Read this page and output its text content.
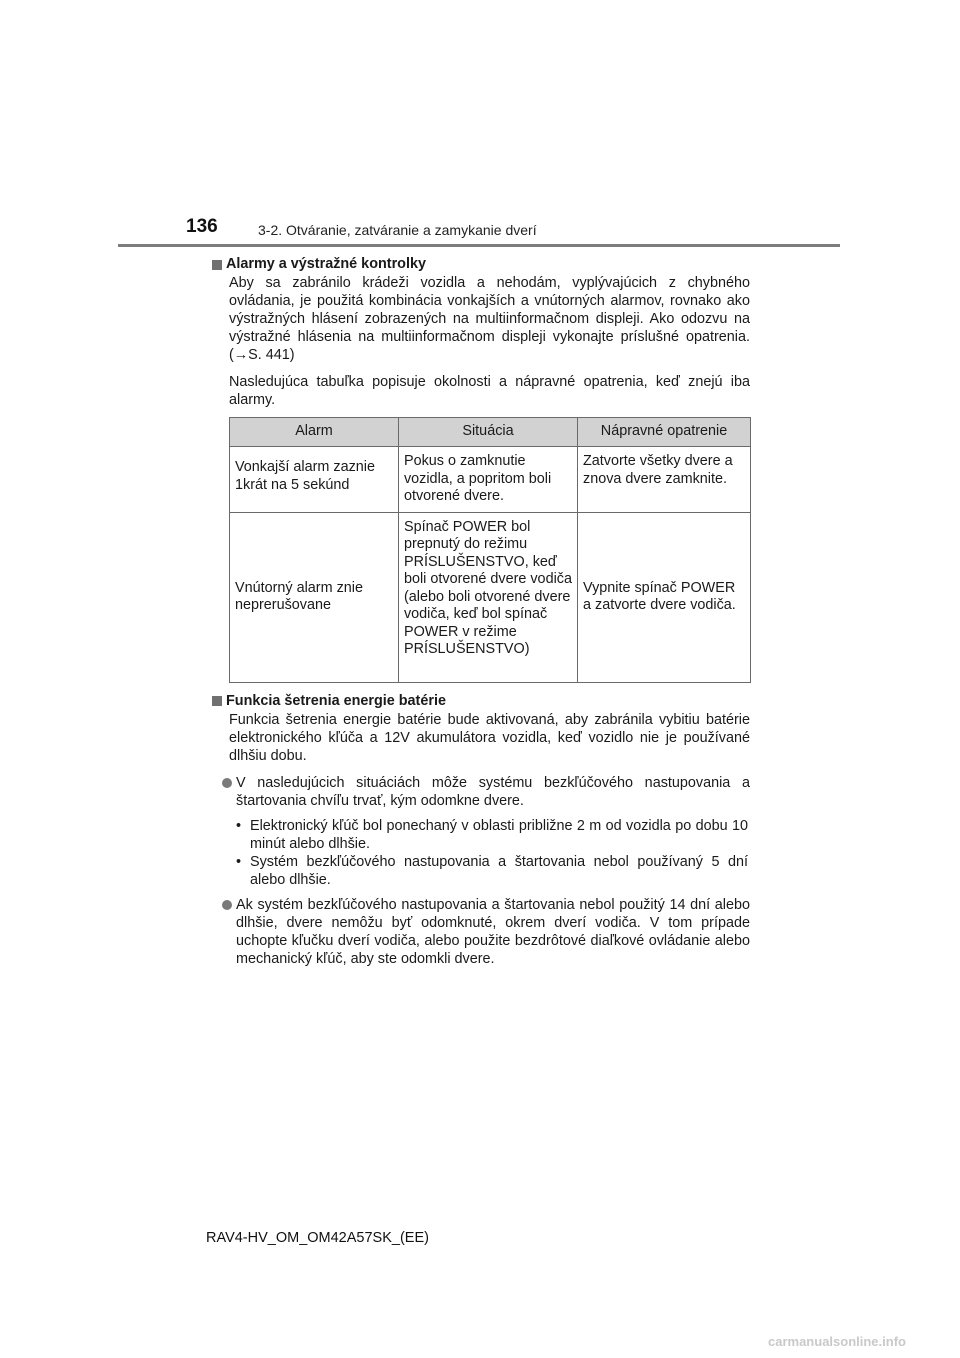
136	3-2. Otváranie, zatváranie a zamykanie dverí

Alarmy a výstražné kontrolky

Aby sa zabránilo krádeži vozidla a nehodám, vyplývajúcich z chybného ovládania, je použitá kombinácia vonkajších a vnútorných alarmov, rovnako ako výstražných hlásení zobrazených na multiinformačnom displeji. Ako odozvu na výstražné hlásenia na multiinformačnom displeji vykonajte príslušné opatrenia. (→S. 441)

Nasledujúca tabuľka popisuje okolnosti a nápravné opatrenia, keď znejú iba alarmy.

Alarm	Situácia	Nápravné opatrenie
Vonkajší alarm zaznie 1krát na 5 sekúnd	Pokus o zamknutie vozidla, a popritom boli otvorené dvere.	Zatvorte všetky dvere a znova dvere zamknite.
Vnútorný alarm znie neprerušovane	Spínač POWER bol prepnutý do režimu PRÍSLUŠENSTVO, keď boli otvorené dvere vodiča (alebo boli otvorené dvere vodiča, keď bol spínač POWER v režime PRÍSLUŠENSTVO)	Vypnite spínač POWER a zatvorte dvere vodiča.

Funkcia šetrenia energie batérie

Funkcia šetrenia energie batérie bude aktivovaná, aby zabránila vybitiu batérie elektronického kľúča a 12V akumulátora vozidla, keď vozidlo nie je používané dlhšiu dobu.

V nasledujúcich situáciách môže systému bezkľúčového nastupovania a štartovania chvíľu trvať, kým odomkne dvere.
• Elektronický kľúč bol ponechaný v oblasti približne 2 m od vozidla po dobu 10 minút alebo dlhšie.
• Systém bezkľúčového nastupovania a štartovania nebol používaný 5 dní alebo dlhšie.
Ak systém bezkľúčového nastupovania a štartovania nebol použitý 14 dní alebo dlhšie, dvere nemôžu byť odomknuté, okrem dverí vodiča. V tom prípade uchopte kľučku dverí vodiča, alebo použite bezdrôtové diaľkové ovládanie alebo mechanický kľúč, aby ste odomkli dvere.
RAV4-HV_OM_OM42A57SK_(EE)
carmanualsonline.info
